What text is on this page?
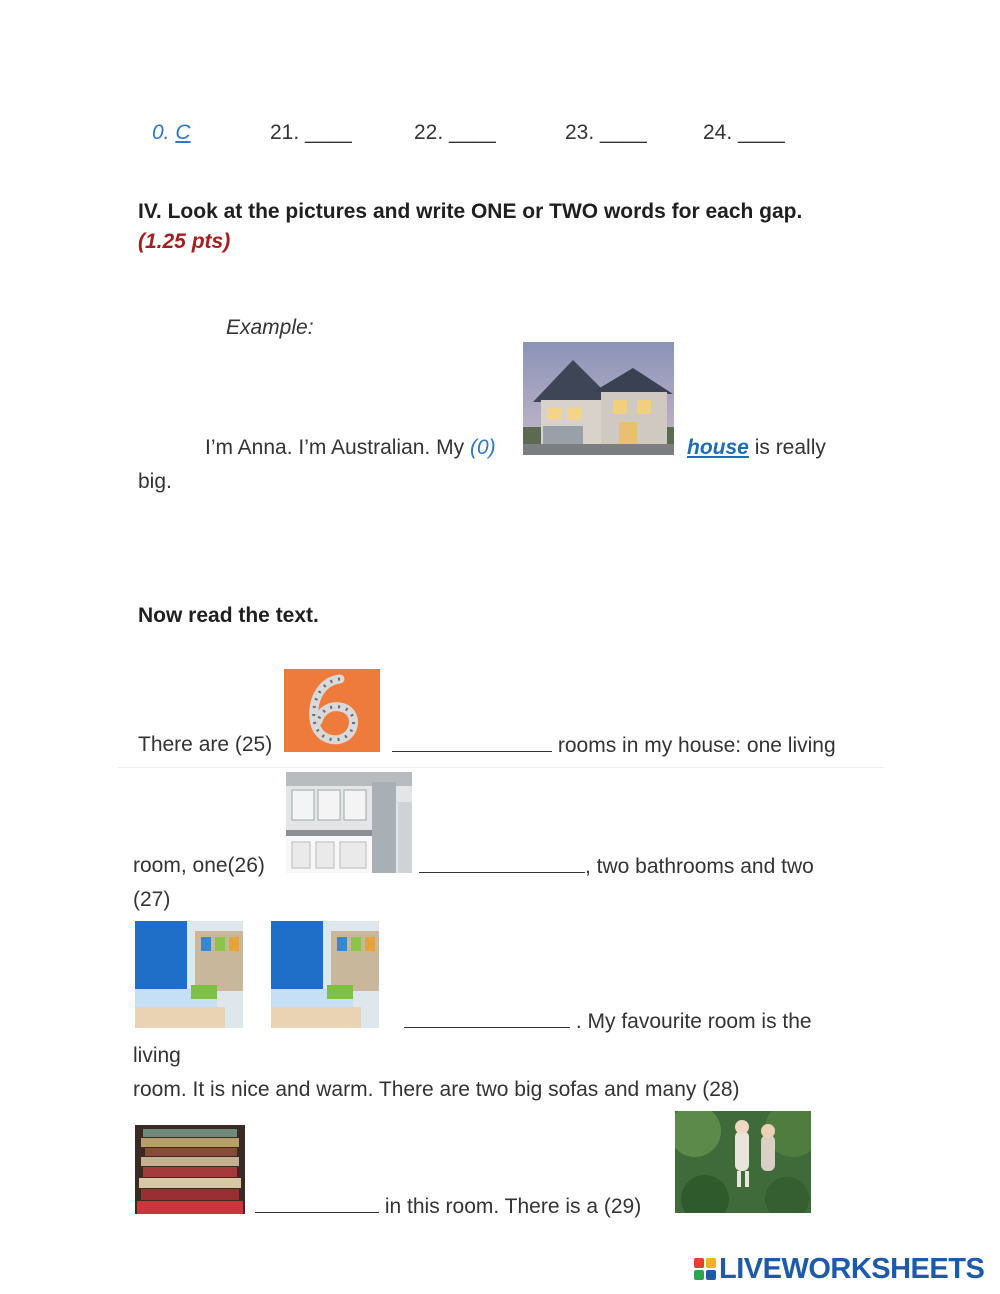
0. C	21. ____	22. ____	23. ____	24. ____
IV. Look at the pictures and write ONE or TWO words for each gap.
(1.25 pts)
Example:
I’m Anna. I’m Australian. My (0)	house is really
big.
Now read the text.
There are (25)	rooms in my house: one living
room, one(26)	, two bathrooms and two
(27)
. My favourite room is the
living
room. It is nice and warm. There are two big sofas and many (28)
in this room. There is a (29)
LIVEWORKSHEETS
